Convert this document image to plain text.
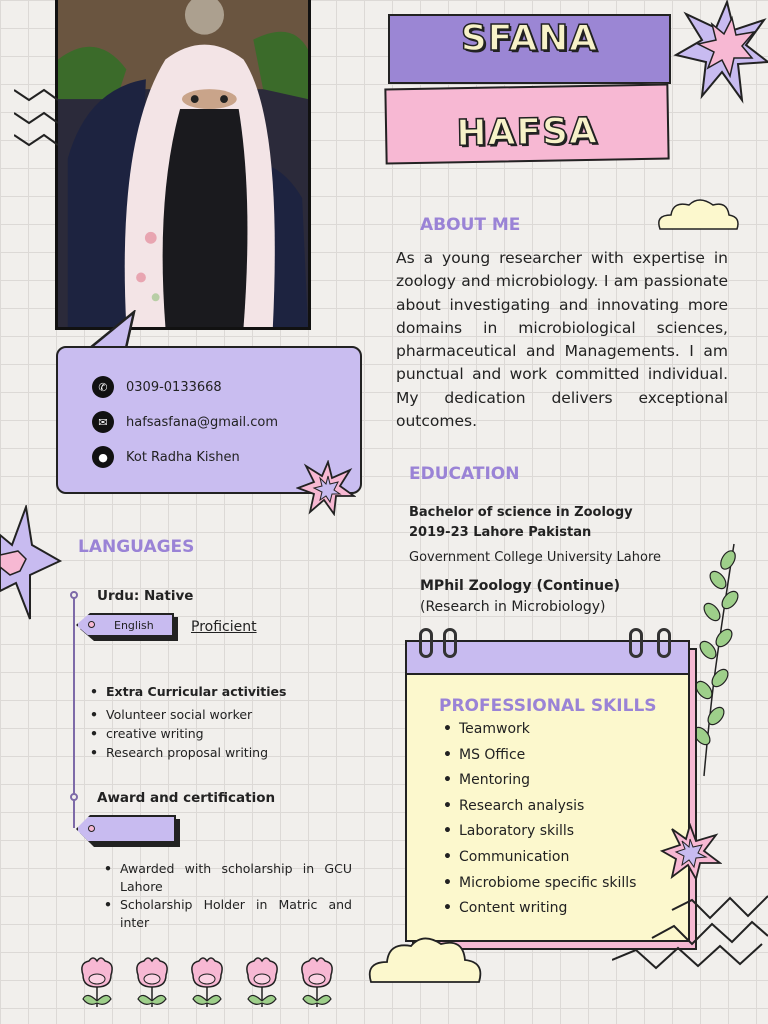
SFANA
HAFSA
ABOUT ME
As a young researcher with expertise in zoology and microbiology. I am passionate about investigating and innovating more domains in microbiological sciences, pharmaceutical and Managements. I am punctual and work committed individual. My dedication delivers exceptional outcomes.
✆	0309-0133668
✉	hafsasfana@gmail.com
●	Kot Radha Kishen
EDUCATION
Bachelor of science in Zoology
2019-23 Lahore Pakistan
Government College University Lahore
MPhil Zoology (Continue)
(Research in Microbiology)
LANGUAGES
Urdu: Native
English	Proficient
• Extra Curricular activities
• Volunteer social worker
• creative writing
• Research proposal writing
Award and certification
• Awarded with scholarship in GCU Lahore
• Scholarship Holder in Matric and inter
PROFESSIONAL SKILLS
• Teamwork
• MS Office
• Mentoring
• Research analysis
• Laboratory skills
• Communication
• Microbiome specific skills
• Content writing
